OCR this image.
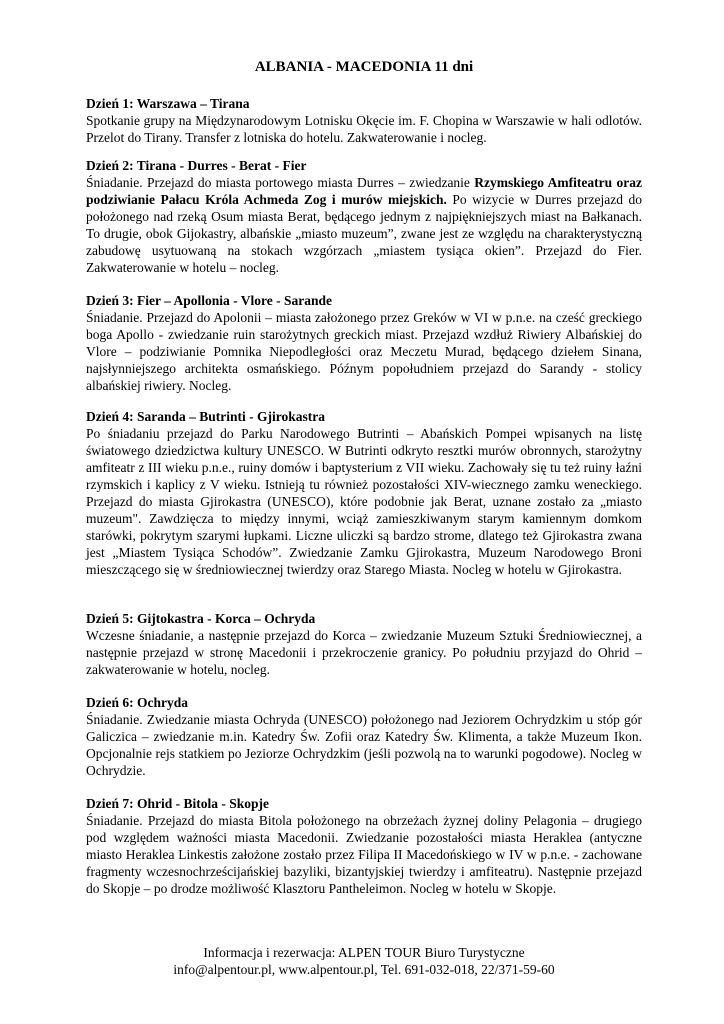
ALBANIA - MACEDONIA 11 dni

Dzień 1: Warszawa – Tirana

Spotkanie grupy na Międzynarodowym Lotnisku Okęcie im. F. Chopina w Warszawie w hali odlotów. Przelot do Tirany. Transfer z lotniska do hotelu. Zakwaterowanie i nocleg.

Dzień 2: Tirana - Durres - Berat - Fier

Śniadanie. Przejazd do miasta portowego miasta Durres – zwiedzanie Rzymskiego Amfiteatru oraz podziwianie Pałacu Króla Achmeda Zog i murów miejskich. Po wizycie w Durres przejazd do położonego nad rzeką Osum miasta Berat, będącego jednym z najpiękniejszych miast na Bałkanach. To drugie, obok Gijokastry, albańskie „miasto muzeum”, zwane jest ze względu na charakterystyczną zabudowę usytuowaną na stokach wzgórzach „miastem tysiąca okien”. Przejazd do Fier. Zakwaterowanie w hotelu – nocleg.

Dzień 3: Fier – Apollonia - Vlore - Sarande

Śniadanie. Przejazd do Apolonii – miasta założonego przez Greków w VI w p.n.e. na cześć greckiego boga Apollo - zwiedzanie ruin starożytnych greckich miast. Przejazd wzdłuż Riwiery Albańskiej do Vlore – podziwianie Pomnika Niepodległości oraz Meczetu Murad, będącego dziełem Sinana, najsłynniejszego architekta osmańskiego. Późnym popołudniem przejazd do Sarandy - stolicy albańskiej riwiery. Nocleg.

Dzień 4: Saranda – Butrinti - Gjirokastra

Po śniadaniu przejazd do Parku Narodowego Butrinti – Abańskich Pompei wpisanych na listę światowego dziedzictwa kultury UNESCO. W Butrinti odkryto resztki murów obronnych, starożytny amfiteatr z III wieku p.n.e., ruiny domów i baptysterium z VII wieku. Zachowały się tu też ruiny łaźni rzymskich i kaplicy z V wieku. Istnieją tu również pozostałości XIV-wiecznego zamku weneckiego. Przejazd do miasta Gjirokastra (UNESCO), które podobnie jak Berat, uznane zostało za „miasto muzeum". Zawdzięcza to między innymi, wciąż zamieszkiwanym starym kamiennym domkom starówki, pokrytym szarymi łupkami. Liczne uliczki są bardzo strome, dlatego też Gjirokastra zwana jest „Miastem Tysiąca Schodów”. Zwiedzanie Zamku Gjirokastra, Muzeum Narodowego Broni mieszczącego się w średniowiecznej twierdzy oraz Starego Miasta. Nocleg w hotelu w Gjirokastra.

Dzień 5: Gijtokastra - Korca – Ochryda

Wczesne śniadanie, a następnie przejazd do Korca – zwiedzanie Muzeum Sztuki Średniowiecznej, a następnie przejazd w stronę Macedonii i przekroczenie granicy. Po południu przyjazd do Ohrid – zakwaterowanie w hotelu, nocleg.

Dzień 6: Ochryda

Śniadanie. Zwiedzanie miasta Ochryda (UNESCO) położonego nad Jeziorem Ochrydzkim u stóp gór Galiczica – zwiedzanie m.in. Katedry Św. Zofii oraz Katedry Św. Klimenta, a także Muzeum Ikon. Opcjonalnie rejs statkiem po Jeziorze Ochrydzkim (jeśli pozwolą na to warunki pogodowe). Nocleg w Ochrydzie.

Dzień 7: Ohrid - Bitola - Skopje

Śniadanie. Przejazd do miasta Bitola położonego na obrzeżach żyznej doliny Pelagonia – drugiego pod względem ważności miasta Macedonii. Zwiedzanie pozostałości miasta Heraklea (antyczne miasto Heraklea Linkestis założone zostało przez Filipa II Macedońskiego w IV w p.n.e. - zachowane fragmenty wczesnochrześcijańskiej bazyliki, bizantyjskiej twierdzy i amfiteatru). Następnie przejazd do Skopje – po drodze możliwość Klasztoru Pantheleimon. Nocleg w hotelu w Skopje.

Informacja i rezerwacja: ALPEN TOUR Biuro Turystyczne

info@alpentour.pl, www.alpentour.pl, Tel. 691-032-018, 22/371-59-60
